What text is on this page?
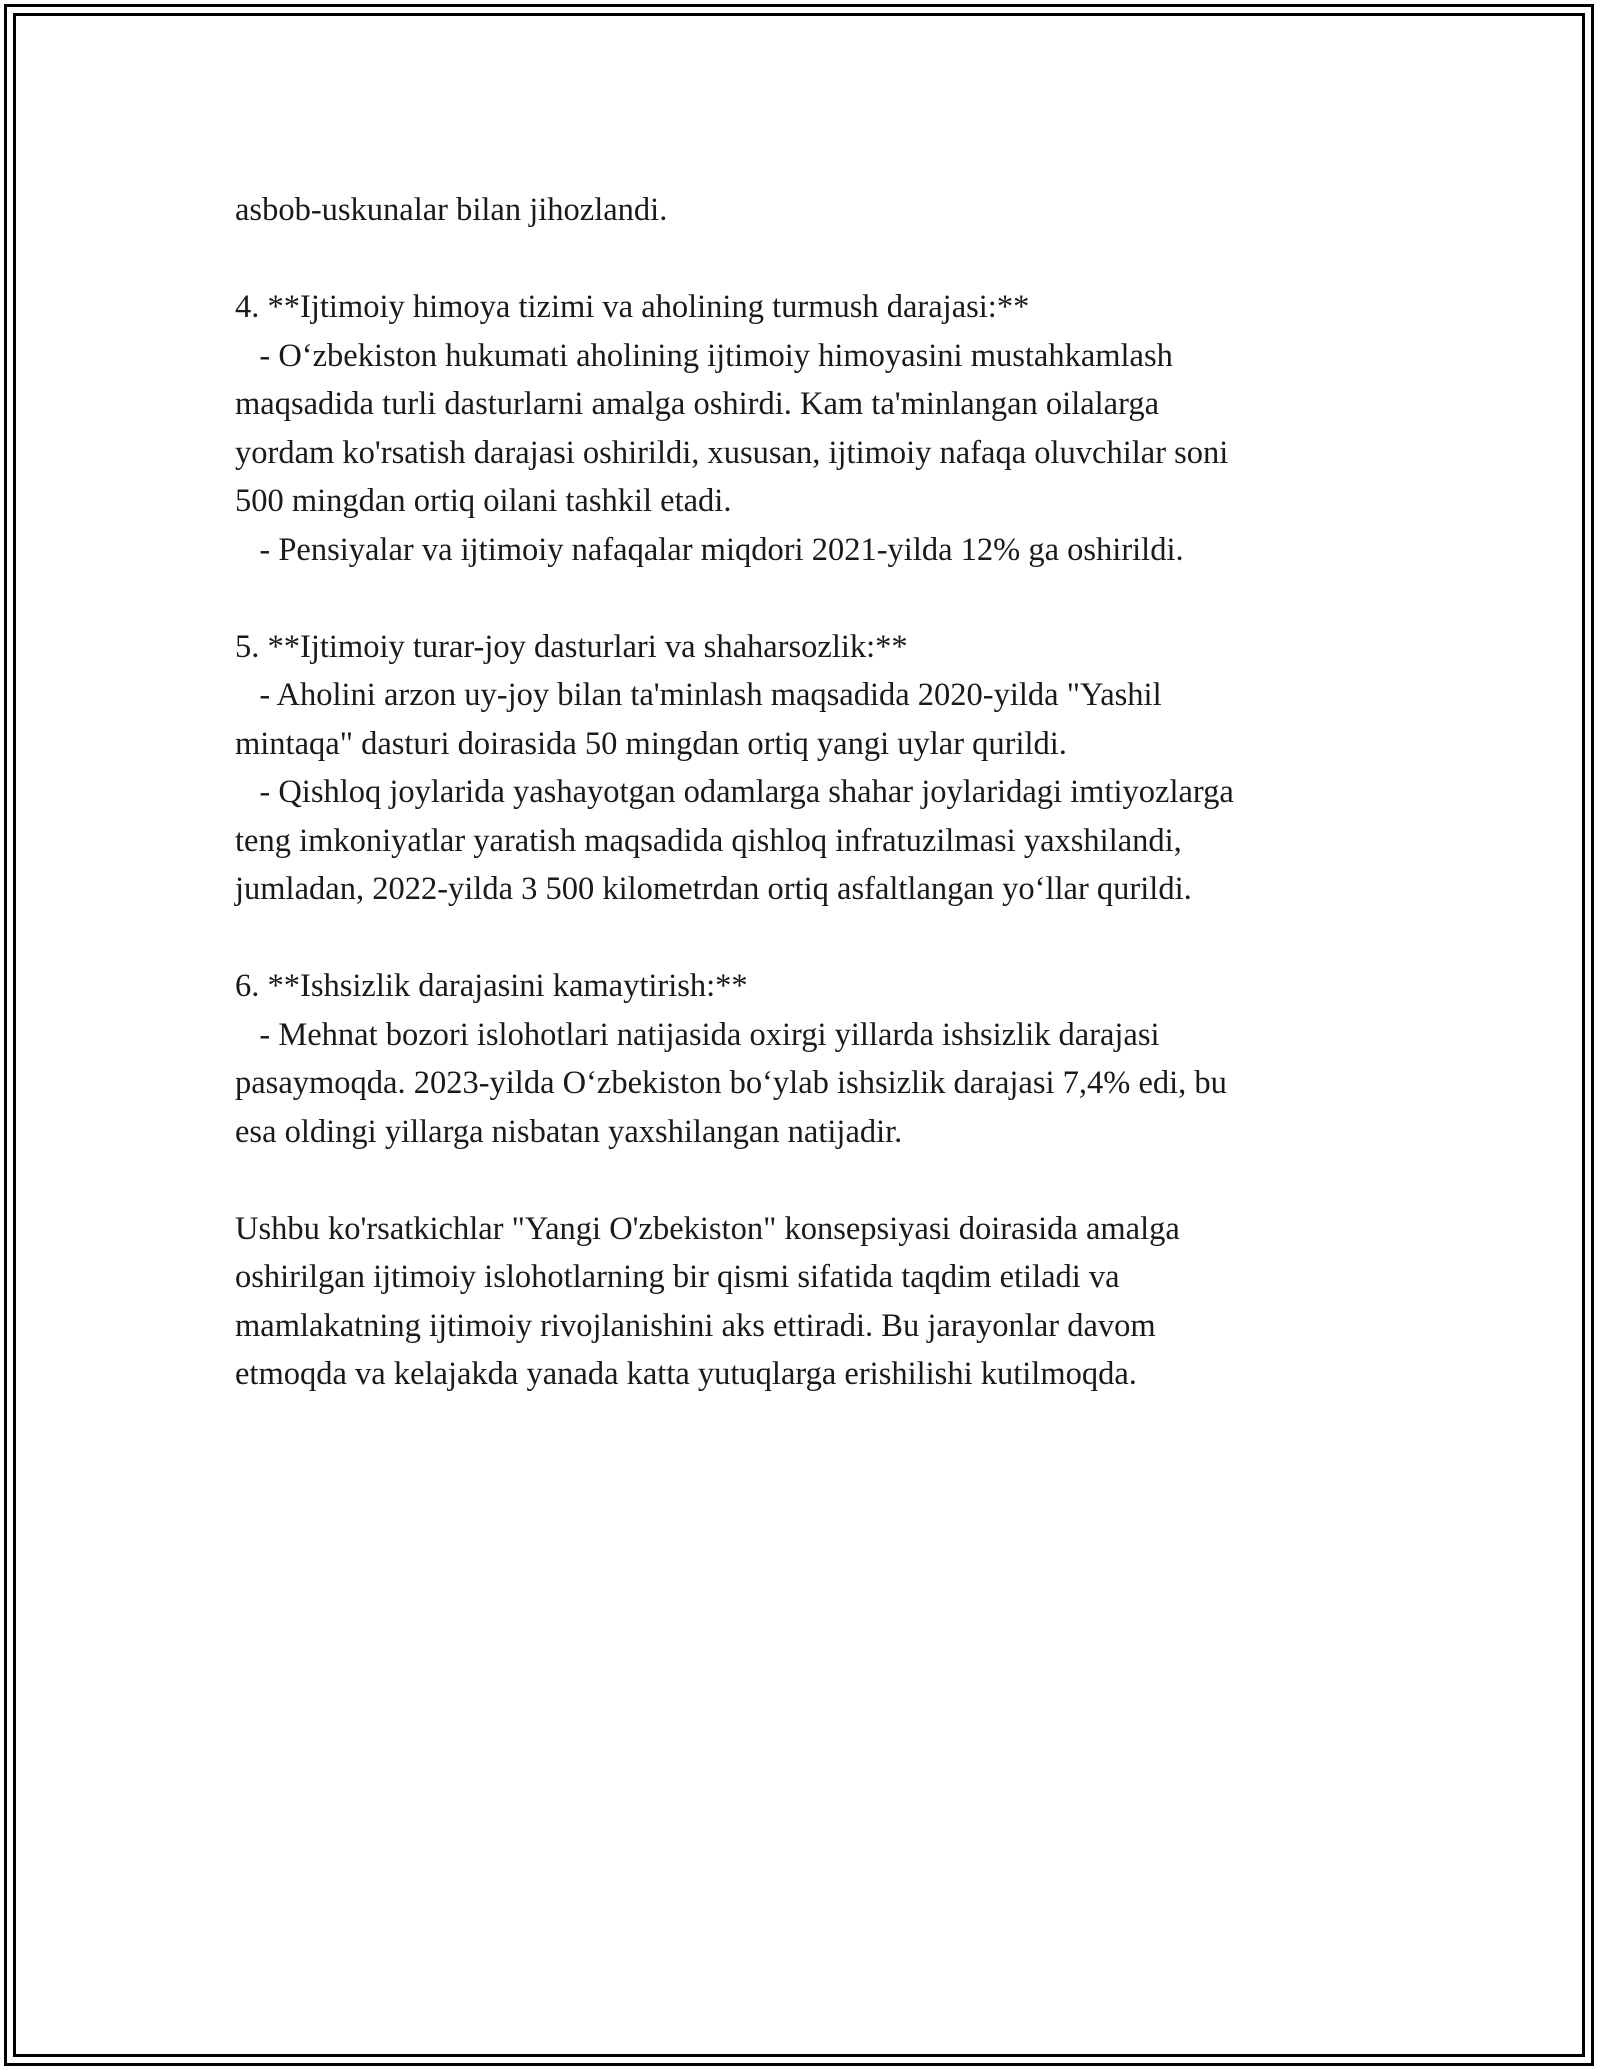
asbob-uskunalar bilan jihozlandi.
4. **Ijtimoiy himoya tizimi va aholining turmush darajasi:**
- O‘zbekiston hukumati aholining ijtimoiy himoyasini mustahkamlash
maqsadida turli dasturlarni amalga oshirdi. Kam ta'minlangan oilalarga
yordam ko'rsatish darajasi oshirildi, xususan, ijtimoiy nafaqa oluvchilar soni
500 mingdan ortiq oilani tashkil etadi.
- Pensiyalar va ijtimoiy nafaqalar miqdori 2021-yilda 12% ga oshirildi.
5. **Ijtimoiy turar-joy dasturlari va shaharsozlik:**
- Aholini arzon uy-joy bilan ta'minlash maqsadida 2020-yilda "Yashil
mintaqa" dasturi doirasida 50 mingdan ortiq yangi uylar qurildi.
- Qishloq joylarida yashayotgan odamlarga shahar joylaridagi imtiyozlarga
teng imkoniyatlar yaratish maqsadida qishloq infratuzilmasi yaxshilandi,
jumladan, 2022-yilda 3 500 kilometrdan ortiq asfaltlangan yo‘llar qurildi.
6. **Ishsizlik darajasini kamaytirish:**
- Mehnat bozori islohotlari natijasida oxirgi yillarda ishsizlik darajasi
pasaymoqda. 2023-yilda O‘zbekiston bo‘ylab ishsizlik darajasi 7,4% edi, bu
esa oldingi yillarga nisbatan yaxshilangan natijadir.
Ushbu ko'rsatkichlar "Yangi O'zbekiston" konsepsiyasi doirasida amalga
oshirilgan ijtimoiy islohotlarning bir qismi sifatida taqdim etiladi va
mamlakatning ijtimoiy rivojlanishini aks ettiradi. Bu jarayonlar davom
etmoqda va kelajakda yanada katta yutuqlarga erishilishi kutilmoqda.
